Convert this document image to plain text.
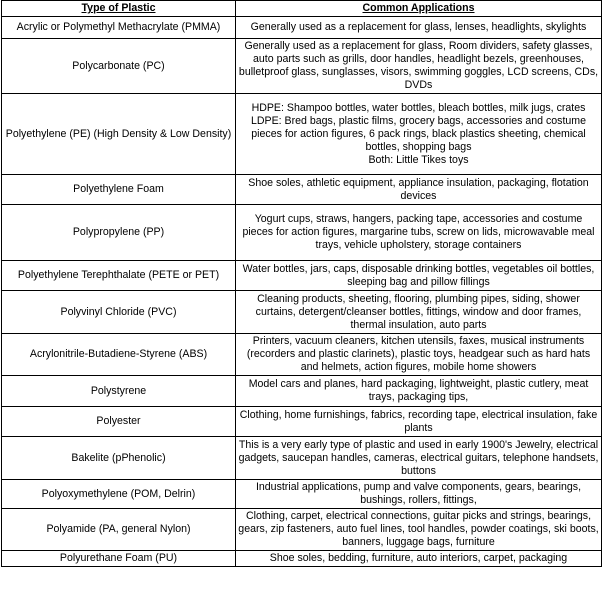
Type of Plastic	Common Applications
Acrylic or Polymethyl Methacrylate (PMMA)	Generally used as a replacement for glass, lenses, headlights, skylights

Polycarbonate (PC)	Generally used as a replacement for glass, Room dividers, safety glasses, auto parts such as grills, door handles, headlight bezels, greenhouses, bulletproof glass, sunglasses, visors, swimming goggles, LCD screens, CDs, DVDs

Polyethylene (PE) (High Density & Low Density)	HDPE: Shampoo bottles, water bottles, bleach bottles, milk jugs, crates
LDPE: Bred bags, plastic films, grocery bags, accessories and costume pieces for action figures, 6 pack rings, black plastics sheeting, chemical bottles, shopping bags
Both: Little Tikes toys

Polyethylene Foam	Shoe soles, athletic equipment, appliance insulation, packaging, flotation devices

Polypropylene (PP)	Yogurt cups, straws, hangers, packing tape, accessories and costume pieces for action figures, margarine tubs, screw on lids, microwavable meal trays, vehicle upholstery, storage containers

Polyethylene Terephthalate (PETE or PET)	Water bottles, jars, caps, disposable drinking bottles, vegetables oil bottles, sleeping bag and pillow fillings

Polyvinyl Chloride (PVC)	Cleaning products, sheeting, flooring, plumbing pipes, siding, shower curtains, detergent/cleanser bottles, fittings, window and door frames, thermal insulation, auto parts

Acrylonitrile-Butadiene-Styrene (ABS)	Printers, vacuum cleaners, kitchen utensils, faxes, musical instruments (recorders and plastic clarinets), plastic toys, headgear such as hard hats and helmets, action figures, mobile home showers

Polystyrene	Model cars and planes, hard packaging, lightweight, plastic cutlery, meat trays, packaging tips,

Polyester	Clothing, home furnishings, fabrics, recording tape, electrical insulation, fake plants

Bakelite (pPhenolic)	This is a very early type of plastic and used in early 1900's Jewelry, electrical gadgets, saucepan handles, cameras, electrical guitars, telephone handsets, buttons

Polyoxymethylene (POM, Delrin)	Industrial applications, pump and valve components, gears, bearings, bushings, rollers, fittings,

Polyamide (PA, general Nylon)	Clothing, carpet, electrical connections, guitar picks and strings, bearings, gears, zip fasteners, auto fuel lines, tool handles, powder coatings, ski boots, banners, luggage bags, furniture

Polyurethane Foam (PU)	Shoe soles, bedding, furniture, auto interiors, carpet, packaging
